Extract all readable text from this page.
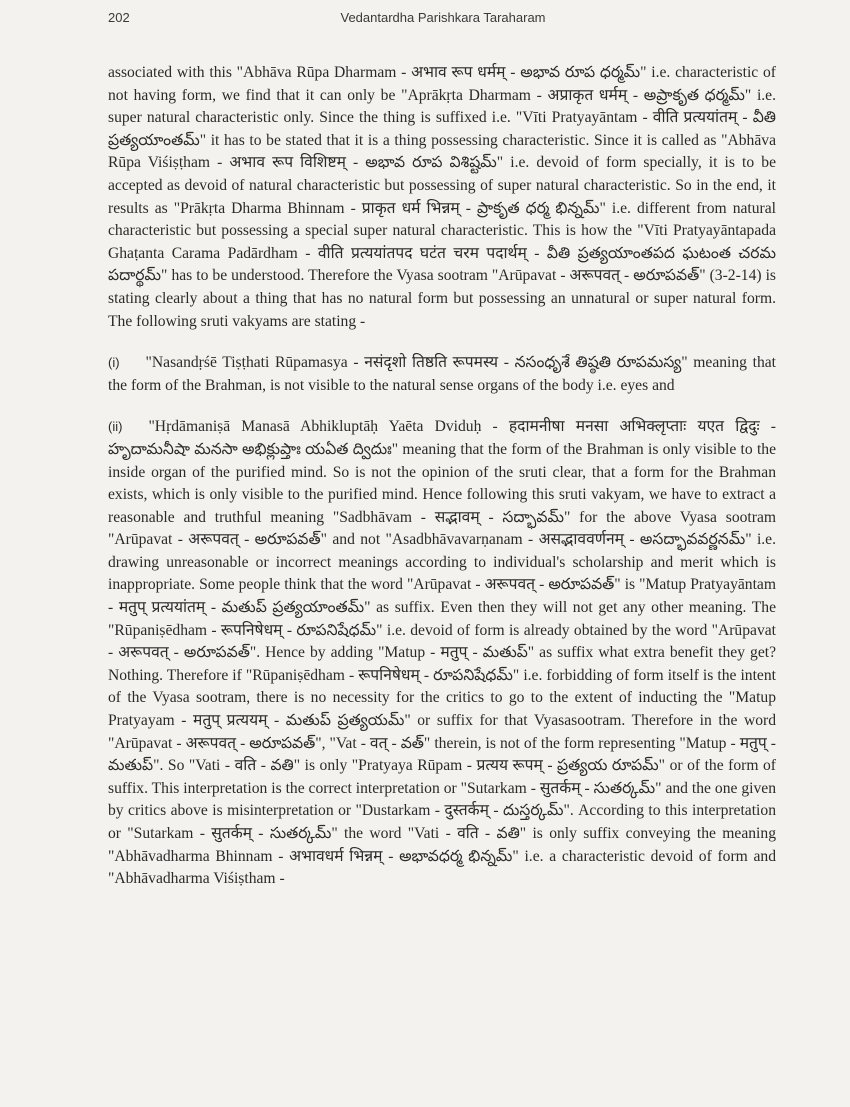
202	Vedantardha Parishkara Taraharam

associated with this "Abhāva Rūpa Dharmam - अभाव रूप धर्मम् - అభావ రూప ధర్మమ్" i.e. characteristic of not having form, we find that it can only be "Aprākṛta Dharmam - अप्राकृत धर्मम् - అప్రాకృత ధర్మమ్" i.e. super natural characteristic only. Since the thing is suffixed i.e. "Vīti Pratyayāntam - वीति प्रत्ययांतम् - వీతి ప్రత్యయాంతమ్" it has to be stated that it is a thing possessing characteristic. Since it is called as "Abhāva Rūpa Viśiṣṭham - अभाव रूप विशिष्टम् - అభావ రూప విశిష్టమ్" i.e. devoid of form specially, it is to be accepted as devoid of natural characteristic but possessing of super natural characteristic. So in the end, it results as "Prākṛta Dharma Bhinnam - प्राकृत धर्म भिन्नम् - ప్రాకృత ధర్మ భిన్నమ్" i.e. different from natural characteristic but possessing a special super natural characteristic. This is how the "Vīti Pratyayāntapada Ghaṭanta Carama Padārdham - वीति प्रत्ययांतपद घटंत चरम पदार्थम् - వీతి ప్రత్యయాంతపద ఘటంత చరమ పదార్థమ్" has to be understood. Therefore the Vyasa sootram "Arūpavat - अरूपवत् - అరూపవత్" (3-2-14) is stating clearly about a thing that has no natural form but possessing an unnatural or super natural form. The following sruti vakyams are stating -

(i) "Nasandṛśē Tiṣṭhati Rūpamasya - नसंदृशो तिष्ठति रूपमस्य - నసంధృశే తిష్ఠతి రూపమస్య" meaning that the form of the Brahman, is not visible to the natural sense organs of the body i.e. eyes and

(ii) "Hṛdāmaniṣā Manasā Abhikluptāḥ Yaēta Dviduḥ - हदामनीषा मनसा अभिक्लृप्ताः यएत द्विदुः - హృదామనీషా మనసా అభిక్లుప్తాః యఏత ద్విదుః" meaning that the form of the Brahman is only visible to the inside organ of the purified mind. So is not the opinion of the sruti clear, that a form for the Brahman exists, which is only visible to the purified mind. Hence following this sruti vakyam, we have to extract a reasonable and truthful meaning "Sadbhāvam - सद्भावम् - సద్భావమ్" for the above Vyasa sootram "Arūpavat - अरूपवत् - అరూపవత్" and not "Asadbhāvavarṇanam - असद्भाववर्णनम् - అసద్భావవర్ణనమ్" i.e. drawing unreasonable or incorrect meanings according to individual's scholarship and merit which is inappropriate. Some people think that the word "Arūpavat - अरूपवत् - అరూపవత్" is "Matup Pratyayāntam - मतुप् प्रत्ययांतम् - మతుప్ ప్రత్యయాంతమ్" as suffix. Even then they will not get any other meaning. The "Rūpaniṣēdham - रूपनिषेधम् - రూపనిషేధమ్" i.e. devoid of form is already obtained by the word "Arūpavat - अरूपवत् - అరూపవత్". Hence by adding "Matup - मतुप् - మతుప్" as suffix what extra benefit they get? Nothing. Therefore if "Rūpaniṣēdham - रूपनिषेधम् - రూపనిషేధమ్" i.e. forbidding of form itself is the intent of the Vyasa sootram, there is no necessity for the critics to go to the extent of inducting the "Matup Pratyayam - मतुप् प्रत्ययम् - మతుప్ ప్రత్యయమ్" or suffix for that Vyasasootram. Therefore in the word "Arūpavat - अरूपवत् - అరూపవత్", "Vat - वत् - వత్" therein, is not of the form representing "Matup - मतुप् - మతుప్". So "Vati - वति - వతి" is only "Pratyaya Rūpam - प्रत्यय रूपम् - ప్రత్యయ రూపమ్" or of the form of suffix. This interpretation is the correct interpretation or "Sutarkam - सुतर्कम् - సుతర్కమ్" and the one given by critics above is misinterpretation or "Dustarkam - दुस्तर्कम् - దుస్తర్కమ్". According to this interpretation or "Sutarkam - सुतर्कम् - సుతర్కమ్" the word "Vati - वति - వతి" is only suffix conveying the meaning "Abhāvadharma Bhinnam - अभावधर्म भिन्नम् - అభావధర్మ భిన్నమ్" i.e. a characteristic devoid of form and "Abhāvadharma Viśiṣtham -
